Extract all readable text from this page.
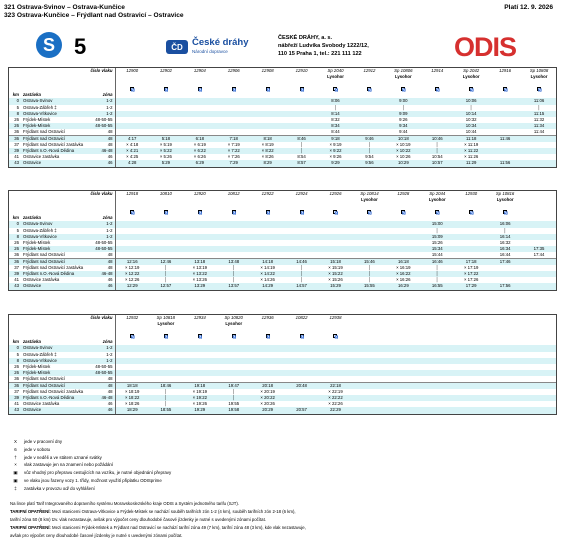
321 Ostrava-Svinov – Ostrava-Kunčice	Platí 12. 9. 2026
323 Ostrava-Kunčice – Frýdlant nad Ostravicí – Ostravice
S 5	ČD České dráhy
Národní dopravce
ČESKÉ DRÁHY, a. s.
nábřeží Ludvíka Svobody 1222/12,
110 15 Praha 1, tel.: 221 111 122	ODIS
		číslo vlaku	12900	12902	12904	12906	12908	12910	Sp 2040	12912	Sp 10806	12914	Sp 2042	12916	Sp 10808
									Lysohor		Lysohor		Lysohor		Lysohor

			♿	♿	♿	♿	♿	♿	♿	♿	♿	♿	♿	♿	♿
km	zastávka	zóna													
0	Ostrava-Svinov	1-2							8:06		9:00		10:06		11:06
5	Ostrava-Zábřeh ‡	1-2							│		│		│		│
8	Ostrava-Vítkovice	1-2							8:14		9:09		10:14		11:15
26	Frýdek-Místek	48-50-55							8:32		9:26		10:32		11:32
26	Frýdek-Místek	48-50-55							8:34		9:34		10:34		11:34
36	Frýdlant nad Ostravicí	48							8:44		9:44		10:44		11:44
36	Frýdlant nad Ostravicí	48	4:17	5:18	6:18	7:18	8:18	8:46	9:18	9:46	10:18	10:46	11:18	11:46	
37	Frýdlant nad Ostravicí zastávka	48	× 4:18	× 5:19	× 6:19	× 7:19	× 8:19	│	× 9:19	│	× 10:19	│	× 11:19		
39	Frýdlant n.O.-Nová Dědina	46-48	× 4:21	× 5:22	× 6:22	× 7:22	× 8:22	│	× 9:22	│	× 10:22	│	× 11:22		
41	Ostravice zastávka	46	× 4:25	× 5:26	× 6:26	× 7:26	× 8:26	8:54	× 9:26	9:54	× 10:26	10:54	× 11:26		
43	Ostravice	46	4:28	5:29	6:29	7:29	8:29	8:57	9:29	9:56	10:29	10:57	11:29	11:56	
		číslo vlaku	12918	10810	12920	10812	12922	12924	12926	Sp 10814	12928	Sp 2044	12930	Sp 10816	
										Lysohor		Lysohor		Lysohor	

			♿	♿	♿	♿	♿	♿	♿	♿	♿	♿	♿	♿	
km	zastávka	zóna													
0	Ostrava-Svinov	1-2										15:00		16:06	
5	Ostrava-Zábřeh ‡	1-2										│		│	
8	Ostrava-Vítkovice	1-2										15:09		16:14	
26	Frýdek-Místek	48-50-55										15:26		16:32	
26	Frýdek-Místek	48-50-55										15:34		16:34	17:35
36	Frýdlant nad Ostravicí	48										15:44		16:44	17:44
36	Frýdlant nad Ostravicí	48	12:16	12:46	13:18	13:48	14:18	14:46	15:18	15:46	16:18	16:46	17:18	17:46	
37	Frýdlant nad Ostravicí zastávka	48	× 12:19	│	× 13:19	│	× 14:19	│	× 15:19	│	× 16:19	│	× 17:19		
39	Frýdlant n.O.-Nová Dědina	46-48	× 12:22	│	× 13:22	│	× 14:22	│	× 15:22	│	× 16:22	│	× 17:22		
41	Ostravice zastávka	46	× 12:26	│	× 13:26	│	× 14:26	│	× 15:26	│	× 16:26	│	× 17:26		
43	Ostravice	46	12:29	12:57	13:29	13:57	14:29	14:57	15:29	15:55	16:29	16:55	17:29	17:56	
		číslo vlaku	12932	Sp 10818	12934	Sp 10820	12936	10822	12938						
				Lysohor		Lysohor									

			♿	♿	♿	♿	♿	♿	♿						
km	zastávka	zóna													
0	Ostrava-Svinov	1-2													
5	Ostrava-Zábřeh ‡	1-2													
8	Ostrava-Vítkovice	1-2													
26	Frýdek-Místek	48-50-55													
26	Frýdek-Místek	48-50-55													
36	Frýdlant nad Ostravicí	48													
36	Frýdlant nad Ostravicí	48	18:18	18:46	19:18	19:47	20:18	20:48	22:18						
37	Frýdlant nad Ostravicí zastávka	48	× 18:19	│	× 19:19	│	× 20:19		× 22:19						
39	Frýdlant n.O.-Nová Dědina	46-48	× 18:22	│	× 19:22	│	× 20:22		× 22:22						
41	Ostravice zastávka	46	× 18:26	│	× 19:26	19:55	× 20:26		× 22:26						
43	Ostravice	46	18:29	18:55	19:29	19:58	20:29	20:57	22:29						
X	jede v pracovní dny
6	jede v sobotu
†	jede v neděli a ve státem uznané svátky
×	vlak zastavuje jen na znamení nebo požádání
▣	vůz vhodný pro přepravu cestujících na vozíku, je nutné objednání přepravy
▣	ve vlaku jsou řazeny vozy 1. třídy, možnost využití připlatku ODISprime
‡	zastávka v provozu od/ do vyhlášení
Na lince platí Tarif Integrovaného dopravního systému Moravskoslezského kraje ODIS a Systém jednotného tarifu (SJT).
TARIFNÍ OPATŘENÍ: Mezi stanicemi Ostrava-Vítkovice a Frýdek-Místek se nachází souběh tarifních zón 1-2 (4 km), souběh tarifních zón 2-18 (6 km),
tarifní zóna 50 (8 km) tzv. vlak nezastavuje, avšak pro výpočet ceny dlouhodobé časové jízdenky je nutné s uvedenými zónami počítat.
TARIFNÍ OPATŘENÍ: Mezi stanicemi Frýdek-Místek a Frýdlant nad Ostravicí se nachází tarifní zóna 49 (7 km), tarifní zóna 48 (3 km), kde vlak nezastavuje,
avšak pro výpočet ceny dlouhodobé časové jízdenky je nutné s uvedenými zónami počítat.
